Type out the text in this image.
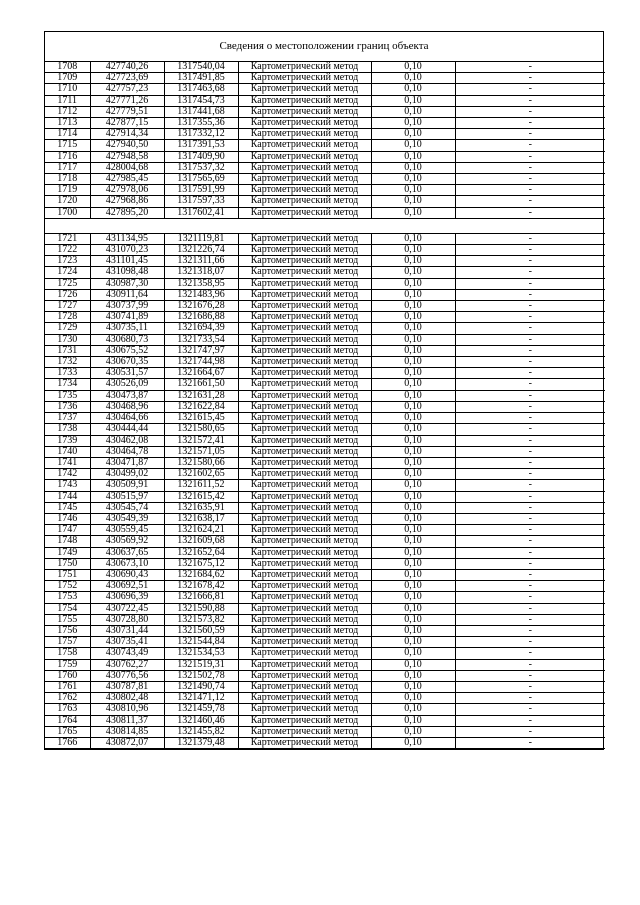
Сведения о местоположении границ объекта
1708	427740,26	1317540,04	Картометрический метод	0,10	-
1709	427723,69	1317491,85	Картометрический метод	0,10	-
1710	427757,23	1317463,68	Картометрический метод	0,10	-
1711	427771,26	1317454,73	Картометрический метод	0,10	-
1712	427779,51	1317441,68	Картометрический метод	0,10	-
1713	427877,15	1317355,36	Картометрический метод	0,10	-
1714	427914,34	1317332,12	Картометрический метод	0,10	-
1715	427940,50	1317391,53	Картометрический метод	0,10	-
1716	427948,58	1317409,90	Картометрический метод	0,10	-
1717	428004,68	1317537,32	Картометрический метод	0,10	-
1718	427985,45	1317565,69	Картометрический метод	0,10	-
1719	427978,06	1317591,99	Картометрический метод	0,10	-
1720	427968,86	1317597,33	Картометрический метод	0,10	-
1700	427895,20	1317602,41	Картометрический метод	0,10	-

1721	431134,95	1321119,81	Картометрический метод	0,10	-
1722	431070,23	1321226,74	Картометрический метод	0,10	-
1723	431101,45	1321311,66	Картометрический метод	0,10	-
1724	431098,48	1321318,07	Картометрический метод	0,10	-
1725	430987,30	1321358,95	Картометрический метод	0,10	-
1726	430911,64	1321483,96	Картометрический метод	0,10	-
1727	430737,99	1321676,28	Картометрический метод	0,10	-
1728	430741,89	1321686,88	Картометрический метод	0,10	-
1729	430735,11	1321694,39	Картометрический метод	0,10	-
1730	430680,73	1321733,54	Картометрический метод	0,10	-
1731	430675,52	1321747,97	Картометрический метод	0,10	-
1732	430670,35	1321744,98	Картометрический метод	0,10	-
1733	430531,57	1321664,67	Картометрический метод	0,10	-
1734	430526,09	1321661,50	Картометрический метод	0,10	-
1735	430473,87	1321631,28	Картометрический метод	0,10	-
1736	430468,96	1321622,84	Картометрический метод	0,10	-
1737	430464,66	1321615,45	Картометрический метод	0,10	-
1738	430444,44	1321580,65	Картометрический метод	0,10	-
1739	430462,08	1321572,41	Картометрический метод	0,10	-
1740	430464,78	1321571,05	Картометрический метод	0,10	-
1741	430471,87	1321580,66	Картометрический метод	0,10	-
1742	430499,02	1321602,65	Картометрический метод	0,10	-
1743	430509,91	1321611,52	Картометрический метод	0,10	-
1744	430515,97	1321615,42	Картометрический метод	0,10	-
1745	430545,74	1321635,91	Картометрический метод	0,10	-
1746	430549,39	1321638,17	Картометрический метод	0,10	-
1747	430559,45	1321624,21	Картометрический метод	0,10	-
1748	430569,92	1321609,68	Картометрический метод	0,10	-
1749	430637,65	1321652,64	Картометрический метод	0,10	-
1750	430673,10	1321675,12	Картометрический метод	0,10	-
1751	430690,43	1321684,62	Картометрический метод	0,10	-
1752	430692,51	1321678,42	Картометрический метод	0,10	-
1753	430696,39	1321666,81	Картометрический метод	0,10	-
1754	430722,45	1321590,88	Картометрический метод	0,10	-
1755	430728,80	1321573,82	Картометрический метод	0,10	-
1756	430731,44	1321560,59	Картометрический метод	0,10	-
1757	430735,41	1321544,84	Картометрический метод	0,10	-
1758	430743,49	1321534,53	Картометрический метод	0,10	-
1759	430762,27	1321519,31	Картометрический метод	0,10	-
1760	430776,56	1321502,78	Картометрический метод	0,10	-
1761	430787,81	1321490,74	Картометрический метод	0,10	-
1762	430802,48	1321471,12	Картометрический метод	0,10	-
1763	430810,96	1321459,78	Картометрический метод	0,10	-
1764	430811,37	1321460,46	Картометрический метод	0,10	-
1765	430814,85	1321455,82	Картометрический метод	0,10	-
1766	430872,07	1321379,48	Картометрический метод	0,10	-
